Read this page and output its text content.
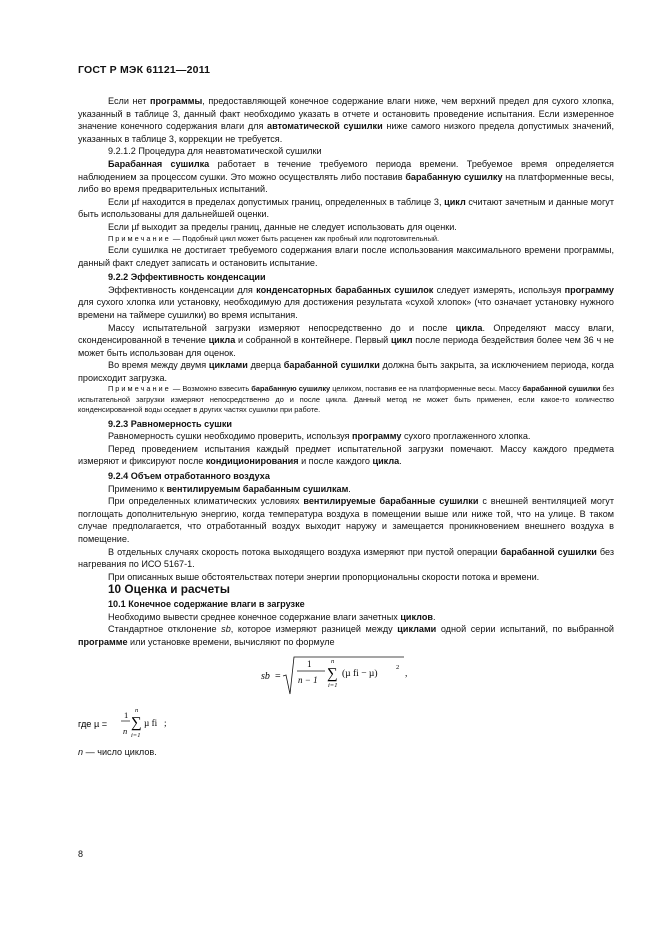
ГОСТ Р МЭК 61121—2011

Если нет программы, предоставляющей конечное содержание влаги ниже, чем верхний предел для сухого хлопка, указанный в таблице 3, данный факт необходимо указать в отчете и остановить проведение испытания. Если измеренное значение конечного содержания влаги для автоматической сушилки ниже самого низкого предела допустимых значений, указанных в таблице 3, коррекции не требуется.

9.2.1.2 Процедура для неавтоматической сушилки

Барабанная сушилка работает в течение требуемого периода времени. Требуемое время определяется наблюдением за процессом сушки. Это можно осуществлять либо поставив барабанную сушилку на платформенные весы, либо во время предварительных испытаний.

Если µf находится в пределах допустимых границ, определенных в таблице 3, цикл считают зачетным и данные могут быть использованы для дальнейшей оценки.

Если µf выходит за пределы границ, данные не следует использовать для оценки.

Примечание — Подобный цикл может быть расценен как пробный или подготовительный.

Если сушилка не достигает требуемого содержания влаги после использования максимального времени программы, данный факт следует записать и остановить испытание.

9.2.2 Эффективность конденсации

Эффективность конденсации для конденсаторных барабанных сушилок следует измерять, используя программу для сухого хлопка или установку, необходимую для достижения результата «сухой хлопок» (что означает установку нужного времени на таймере сушилки) во время испытания.

Массу испытательной загрузки измеряют непосредственно до и после цикла. Определяют массу влаги, сконденсированной в течение цикла и собранной в контейнере. Первый цикл после периода бездействия более чем 36 ч не может быть использован для оценок.

Во время между двумя циклами дверца барабанной сушилки должна быть закрыта, за исключением периода, когда происходит загрузка.

Примечание — Возможно взвесить барабанную сушилку целиком, поставив ее на платформенные весы. Массу барабанной сушилки без испытательной загрузки измеряют непосредственно до и после цикла. Данный метод не может быть применен, если какое-то количество конденсированной воды оседает в других частях сушилки при работе.

9.2.3 Равномерность сушки

Равномерность сушки необходимо проверить, используя программу сухого проглаженного хлопка.

Перед проведением испытания каждый предмет испытательной загрузки помечают. Массу каждого предмета измеряют и фиксируют после кондиционирования и после каждого цикла.

9.2.4 Объем отработанного воздуха

Применимо к вентилируемым барабанным сушилкам.

При определенных климатических условиях вентилируемые барабанные сушилки с внешней вентиляцией могут поглощать дополнительную энергию, когда температура воздуха в помещении выше или ниже той, что на улице. В таком случае предполагается, что отработанный воздух выходит наружу и замещается проникновением внешнего воздуха в помещение.

В отдельных случаях скорость потока выходящего воздуха измеряют при пустой операции барабанной сушилки без нагревания по ИСО 5167-1.

При описанных выше обстоятельствах потери энергии пропорциональны скорости потока и времени.

10 Оценка и расчеты

10.1 Конечное содержание влаги в загрузке

Необходимо вывести среднее конечное содержание влаги зачетных циклов.

Стандартное отклонение sb, которое измеряют разницей между циклами одной серии испытаний, по выбранной программе или установке времени, вычисляют по формуле

sb =
1
n − 1
n
∑
i=1
(µ fi − µ)
2
,
где µ =
1
n
n
∑
i=1
µ fi ;

n — число циклов.

8
